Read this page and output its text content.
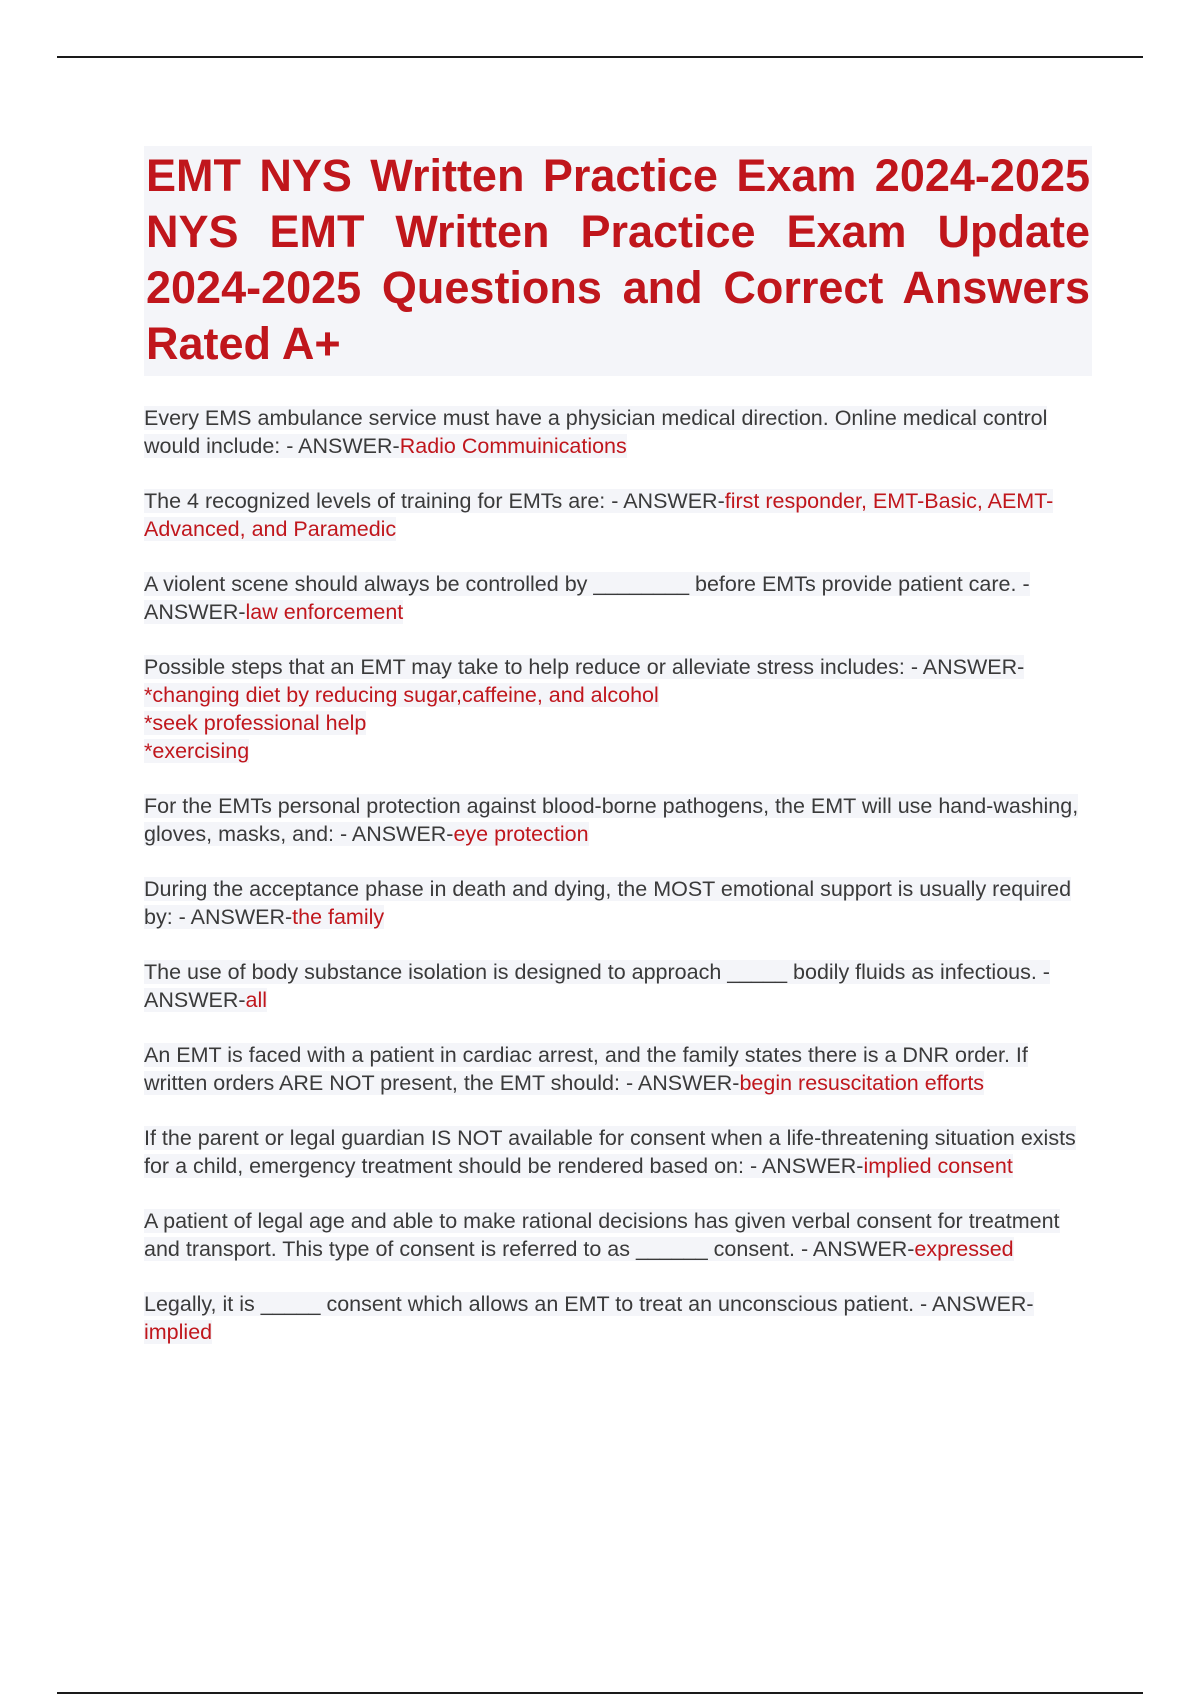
EMT NYS Written Practice Exam 2024-2025 NYS EMT Written Practice Exam Update 2024-2025 Questions and Correct Answers Rated A+

Every EMS ambulance service must have a physician medical direction. Online medical control would include: - ANSWER-Radio Commuinications

The 4 recognized levels of training for EMTs are: - ANSWER-first responder, EMT-Basic, AEMT-Advanced, and Paramedic

A violent scene should always be controlled by ________ before EMTs provide patient care. - ANSWER-law enforcement

Possible steps that an EMT may take to help reduce or alleviate stress includes: - ANSWER-*changing diet by reducing sugar,caffeine, and alcohol
*seek professional help
*exercising

For the EMTs personal protection against blood-borne pathogens, the EMT will use hand-washing, gloves, masks, and: - ANSWER-eye protection

During the acceptance phase in death and dying, the MOST emotional support is usually required by: - ANSWER-the family

The use of body substance isolation is designed to approach _____ bodily fluids as infectious. - ANSWER-all

An EMT is faced with a patient in cardiac arrest, and the family states there is a DNR order. If written orders ARE NOT present, the EMT should: - ANSWER-begin resuscitation efforts

If the parent or legal guardian IS NOT available for consent when a life-threatening situation exists for a child, emergency treatment should be rendered based on: - ANSWER-implied consent

A patient of legal age and able to make rational decisions has given verbal consent for treatment and transport. This type of consent is referred to as ______ consent. - ANSWER-expressed

Legally, it is _____ consent which allows an EMT to treat an unconscious patient. - ANSWER-implied
